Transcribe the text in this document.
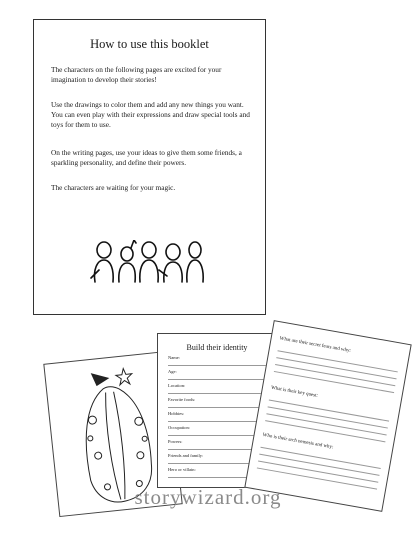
How to use this booklet

The characters on the following pages are excited for your imagination to develop their stories!

Use the drawings to color them and add any new things you want. You can even play with their expressions and draw special tools and toys for them to use.

On the writing pages, use your ideas to give them some friends, a sparkling personality, and define their powers.

The characters are waiting for your magic.

Build their identity
Name:
Age:
Location:
Favorite foods:
Hobbies:
Occupation:
Powers:
Friends and family:
Hero or villain:
What are their secret fears and why:
What is their key quest:
Who is their arch nemesis and why:
storywizard.org
